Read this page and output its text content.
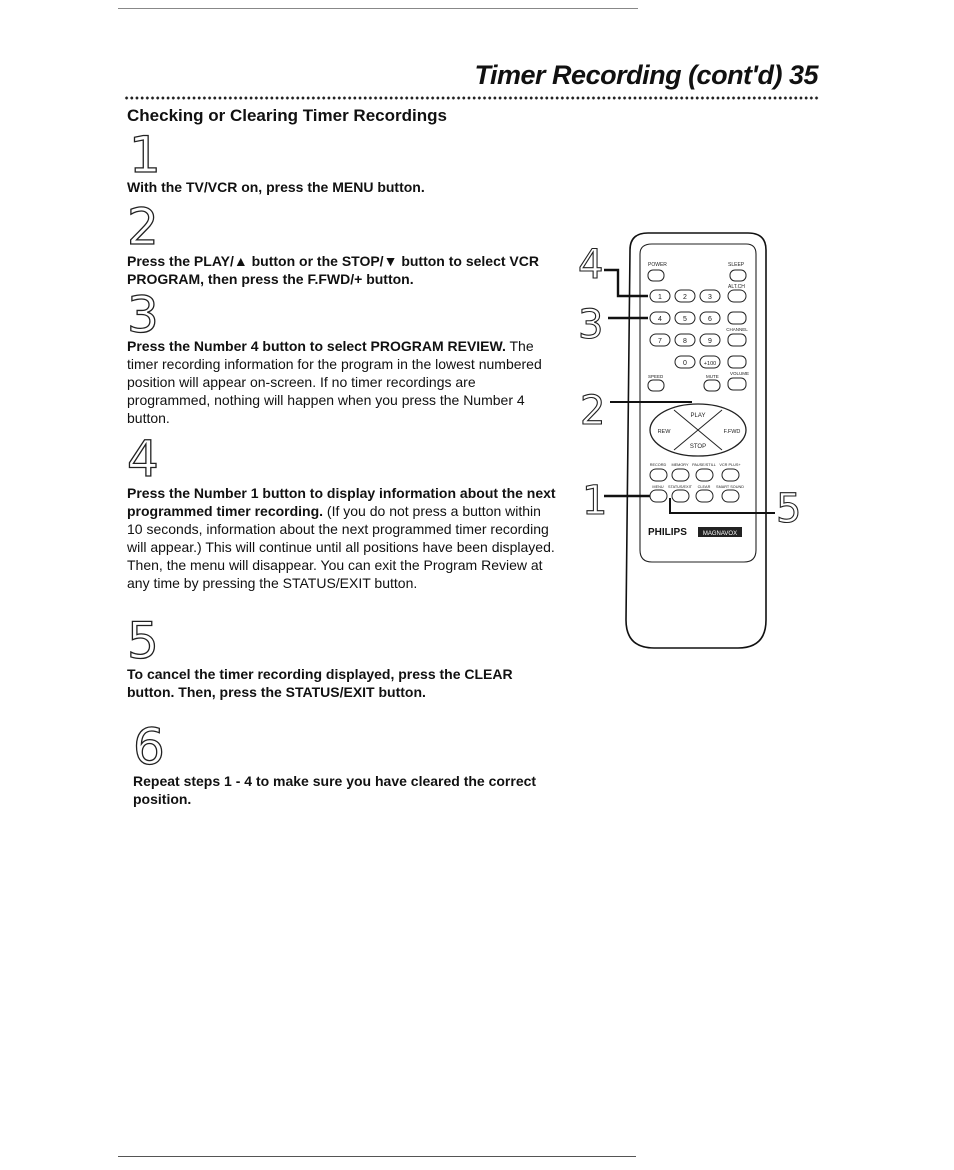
Timer Recording (cont'd) 35
Checking or Clearing Timer Recordings
1
With the TV/VCR on, press the MENU button.
2
Press the PLAY/▲ button or the STOP/▼ button to select VCR PROGRAM, then press the F.FWD/+ button.
3
Press the Number 4 button to select PROGRAM REVIEW. The timer recording information for the program in the lowest numbered position will appear on-screen. If no timer recordings are programmed, nothing will happen when you press the Number 4 button.
4
Press the Number 1 button to display information about the next programmed timer recording. (If you do not press a button within 10 seconds, information about the next programmed timer recording will appear.) This will continue until all positions have been displayed. Then, the menu will disappear. You can exit the Program Review at any time by pressing the STATUS/EXIT button.
5
To cancel the timer recording displayed, press the CLEAR button. Then, press the STATUS/EXIT button.
6
Repeat steps 1 - 4 to make sure you have cleared the correct position.
4
3
2
1	5
POWER	SLEEP
ALT.CH
1	2	3
4	5	6
CHANNEL
7	8	9
0	+100
SPEED	MUTE
VOLUME
PLAY
STOP
REW	F.FWD
RECORD MEMORY PAUSE/STILL VCR PLUS+
MENU STATUS/EXIT CLEAR SMART SOUND
PHILIPS	MAGNAVOX
